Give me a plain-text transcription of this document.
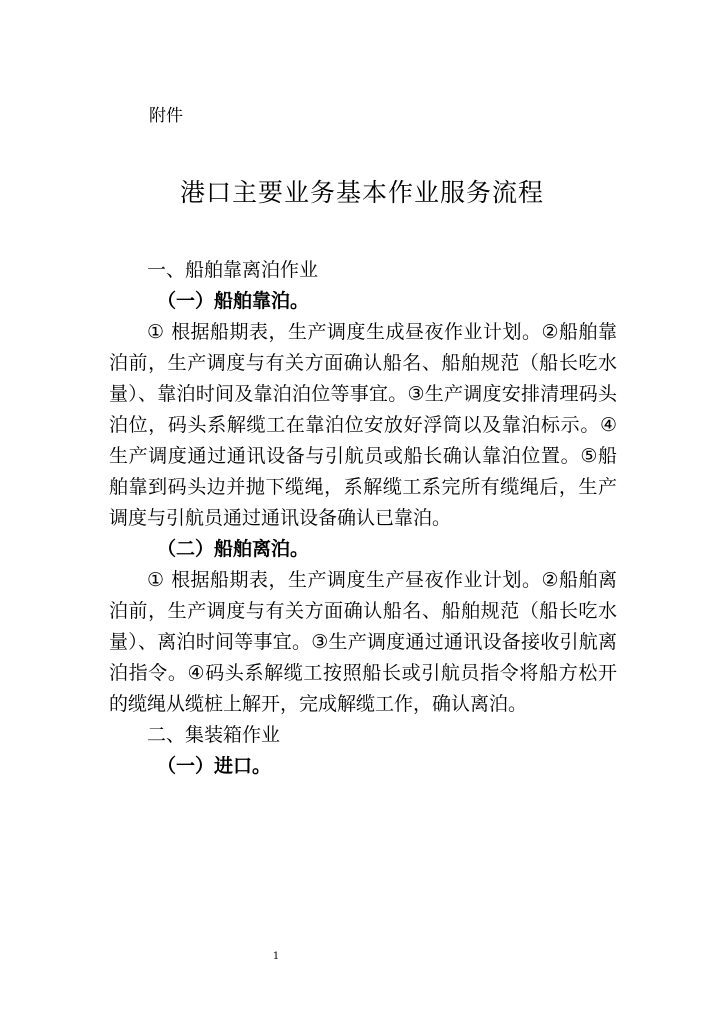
附件
港口主要业务基本作业服务流程

一、船舶靠离泊作业

（一）船舶靠泊。

① 根据船期表，生产调度生成昼夜作业计划。②船舶靠泊前，生产调度与有关方面确认船名、船舶规范（船长吃水量）、靠泊时间及靠泊泊位等事宜。③生产调度安排清理码头泊位，码头系解缆工在靠泊位安放好浮筒以及靠泊标示。④生产调度通过通讯设备与引航员或船长确认靠泊位置。⑤船舶靠到码头边并抛下缆绳，系解缆工系完所有缆绳后，生产调度与引航员通过通讯设备确认已靠泊。

（二）船舶离泊。

① 根据船期表，生产调度生产昼夜作业计划。②船舶离泊前，生产调度与有关方面确认船名、船舶规范（船长吃水量）、离泊时间等事宜。③生产调度通过通讯设备接收引航离泊指令。④码头系解缆工按照船长或引航员指令将船方松开的缆绳从缆桩上解开，完成解缆工作，确认离泊。

二、集装箱作业

（一）进口。

1
